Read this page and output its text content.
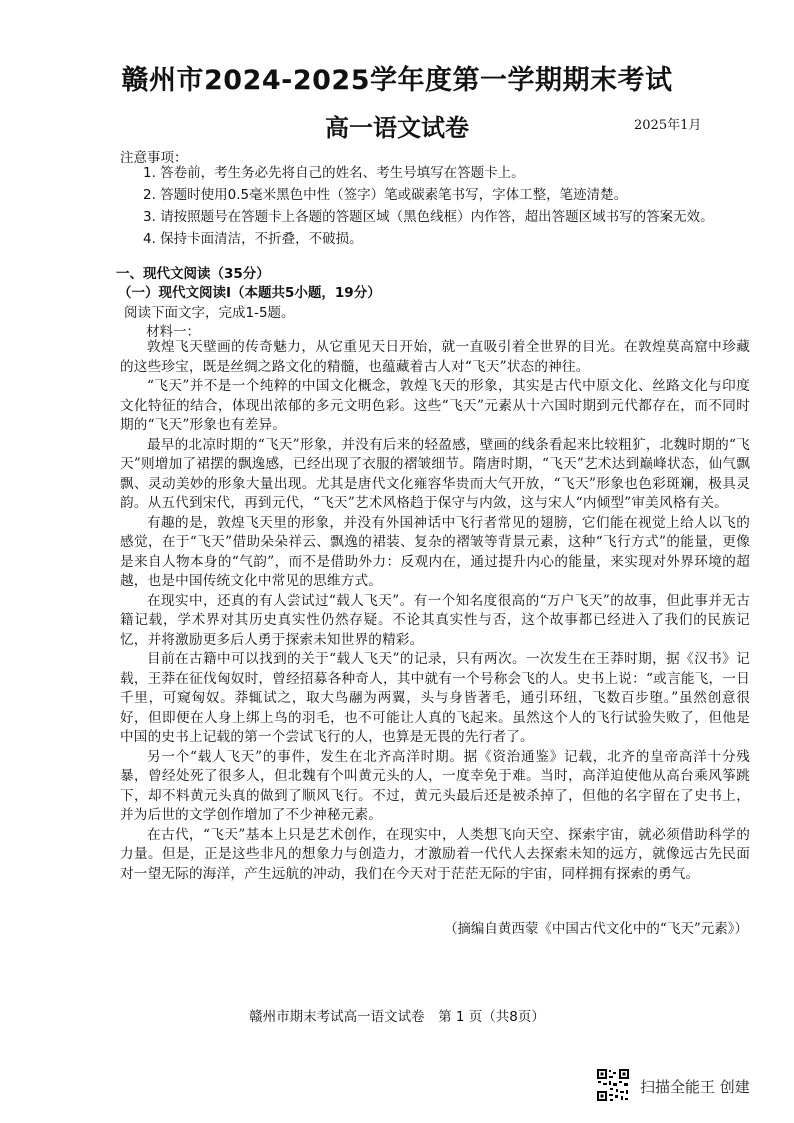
赣州市2024-2025学年度第一学期期末考试
高一语文试卷	2025年1月
注意事项：

1. 答卷前，考生务必先将自己的姓名、考生号填写在答题卡上。

2. 答题时使用0.5毫米黑色中性（签字）笔或碳素笔书写，字体工整，笔迹清楚。

3. 请按照题号在答题卡上各题的答题区域（黑色线框）内作答，超出答题区域书写的答案无效。

4. 保持卡面清洁，不折叠，不破损。

一、现代文阅读（35分）
（一）现代文阅读Ⅰ（本题共5小题，19分）
阅读下面文字，完成1-5题。
材料一：

敦煌飞天壁画的传奇魅力，从它重见天日开始，就一直吸引着全世界的目光。在敦煌莫高窟中珍藏的这些珍宝，既是丝绸之路文化的精髓，也蕴藏着古人对“飞天”状态的神往。

“飞天”并不是一个纯粹的中国文化概念，敦煌飞天的形象，其实是古代中原文化、丝路文化与印度文化特征的结合，体现出浓郁的多元文明色彩。这些“飞天”元素从十六国时期到元代都存在，而不同时期的“飞天”形象也有差异。

最早的北凉时期的“飞天”形象，并没有后来的轻盈感，壁画的线条看起来比较粗犷，北魏时期的“飞天”则增加了裙摆的飘逸感，已经出现了衣服的褶皱细节。隋唐时期，“飞天”艺术达到巅峰状态，仙气飘飘、灵动美妙的形象大量出现。尤其是唐代文化雍容华贵而大气开放，“飞天”形象也色彩斑斓，极具灵韵。从五代到宋代，再到元代，“飞天”艺术风格趋于保守与内敛，这与宋人“内倾型”审美风格有关。

有趣的是，敦煌飞天里的形象，并没有外国神话中飞行者常见的翅膀，它们能在视觉上给人以飞的感觉，在于“飞天”借助朵朵祥云、飘逸的裙装、复杂的褶皱等背景元素，这种“飞行方式”的能量，更像是来自人物本身的“气韵”，而不是借助外力：反观内在，通过提升内心的能量，来实现对外界环境的超越，也是中国传统文化中常见的思维方式。

在现实中，还真的有人尝试过“载人飞天”。有一个知名度很高的“万户飞天”的故事，但此事并无古籍记载，学术界对其历史真实性仍然存疑。不论其真实性与否，这个故事都已经进入了我们的民族记忆，并将激励更多后人勇于探索未知世界的精彩。

目前在古籍中可以找到的关于“载人飞天”的记录，只有两次。一次发生在王莽时期，据《汉书》记载，王莽在征伐匈奴时，曾经招募各种奇人，其中就有一个号称会飞的人。史书上说：“或言能飞，一日千里，可窥匈奴。莽辄试之，取大鸟翮为两翼，头与身皆著毛，通引环纽，飞数百步堕。”虽然创意很好，但即便在人身上绑上鸟的羽毛，也不可能让人真的飞起来。虽然这个人的飞行试验失败了，但他是中国的史书上记载的第一个尝试飞行的人，也算是无畏的先行者了。

另一个“载人飞天”的事件，发生在北齐高洋时期。据《资治通鉴》记载，北齐的皇帝高洋十分残暴，曾经处死了很多人，但北魏有个叫黄元头的人，一度幸免于难。当时，高洋迫使他从高台乘风筝跳下，却不料黄元头真的做到了顺风飞行。不过，黄元头最后还是被杀掉了，但他的名字留在了史书上，并为后世的文学创作增加了不少神秘元素。

在古代，“飞天”基本上只是艺术创作，在现实中，人类想飞向天空、探索宇宙，就必须借助科学的力量。但是，正是这些非凡的想象力与创造力，才激励着一代代人去探索未知的远方，就像远古先民面对一望无际的海洋，产生远航的冲动，我们在今天对于茫茫无际的宇宙，同样拥有探索的勇气。

（摘编自黄西蒙《中国古代文化中的“飞天”元素》）
赣州市期末考试高一语文试卷　第 1 页（共8页）
扫描全能王 创建
